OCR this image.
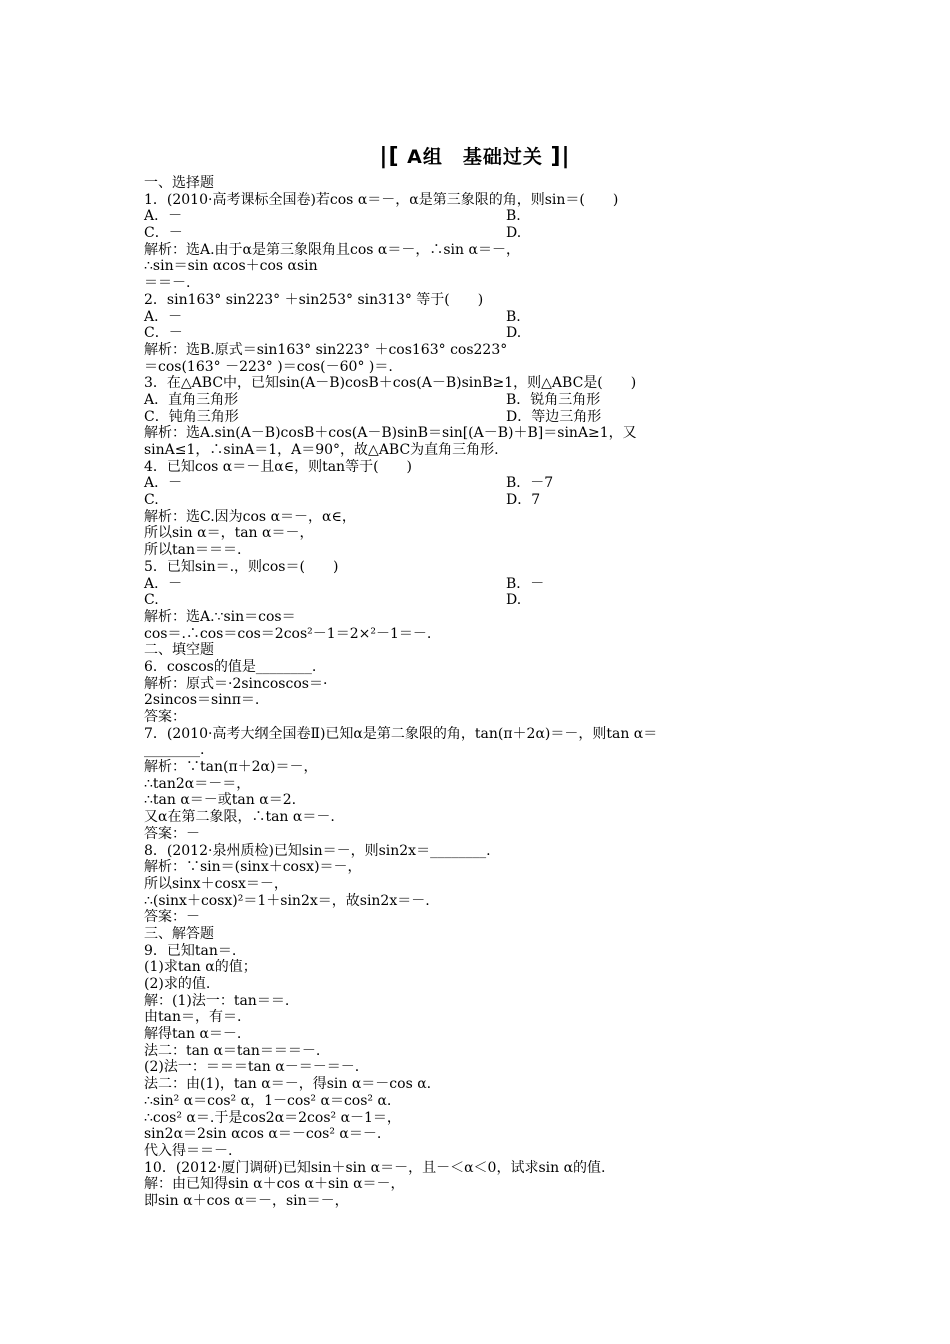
|[ A组　基础过关 ]|
一、选择题
1．(2010·高考课标全国卷)若cos α＝－，α是第三象限的角，则sin＝(　　)
A．－	B.
C．－	D.
解析：选A.由于α是第三象限角且cos α＝－，∴sin α＝－，
∴sin＝sin αcos＋cos αsin
＝＝－.
2．sin163° sin223° ＋sin253° sin313° 等于(　　)
A．－	B.
C．－	D.
解析：选B.原式＝sin163° sin223° ＋cos163° cos223°
＝cos(163° －223° )＝cos(－60° )＝.
3．在△ABC中，已知sin(A－B)cosB＋cos(A－B)sinB≥1，则△ABC是(　　)
A．直角三角形	B．锐角三角形
C．钝角三角形	D．等边三角形
解析：选A.sin(A－B)cosB＋cos(A－B)sinB＝sin[(A－B)＋B]＝sinA≥1，又
sinA≤1，∴sinA＝1，A＝90°，故△ABC为直角三角形.
4．已知cos α＝－且α∈，则tan等于(　　)
A．－	B．－7
C.	D．7
解析：选C.因为cos α＝－，α∈，
所以sin α＝，tan α＝－，
所以tan＝＝＝.
5．已知sin＝.，则cos＝(　　)
A．－	B．－
C.	D.
解析：选A.∵sin＝cos＝
cos＝.∴cos＝cos＝2cos²－1＝2×²－1＝－.
二、填空题
6．coscos的值是________.
解析：原式＝·2sincoscos＝·
2sincos＝sinπ＝.
答案：
7．(2010·高考大纲全国卷Ⅱ)已知α是第二象限的角，tan(π＋2α)＝－，则tan α＝
________.
解析：∵tan(π＋2α)＝－，
∴tan2α＝－＝，
∴tan α＝－或tan α＝2.
又α在第二象限，∴tan α＝－.
答案：－
8．(2012·泉州质检)已知sin＝－，则sin2x＝________.
解析：∵sin＝(sinx＋cosx)＝－，
所以sinx＋cosx＝－，
∴(sinx＋cosx)²＝1＋sin2x＝，故sin2x＝－.
答案：－
三、解答题
9．已知tan＝.
(1)求tan α的值；
(2)求的值.
解：(1)法一：tan＝＝.
由tan＝，有＝.
解得tan α＝－.
法二：tan α＝tan＝＝＝－.
(2)法一：＝＝＝tan α－＝－＝－.
法二：由(1)，tan α＝－，得sin α＝－cos α.
∴sin² α＝cos² α，1－cos² α＝cos² α.
∴cos² α＝.于是cos2α＝2cos² α－1＝，
sin2α＝2sin αcos α＝－cos² α＝－.
代入得＝＝－.
10．(2012·厦门调研)已知sin＋sin α＝－，且－＜α＜0，试求sin α的值.
解：由已知得sin α＋cos α＋sin α＝－，
即sin α＋cos α＝－，sin＝－，
